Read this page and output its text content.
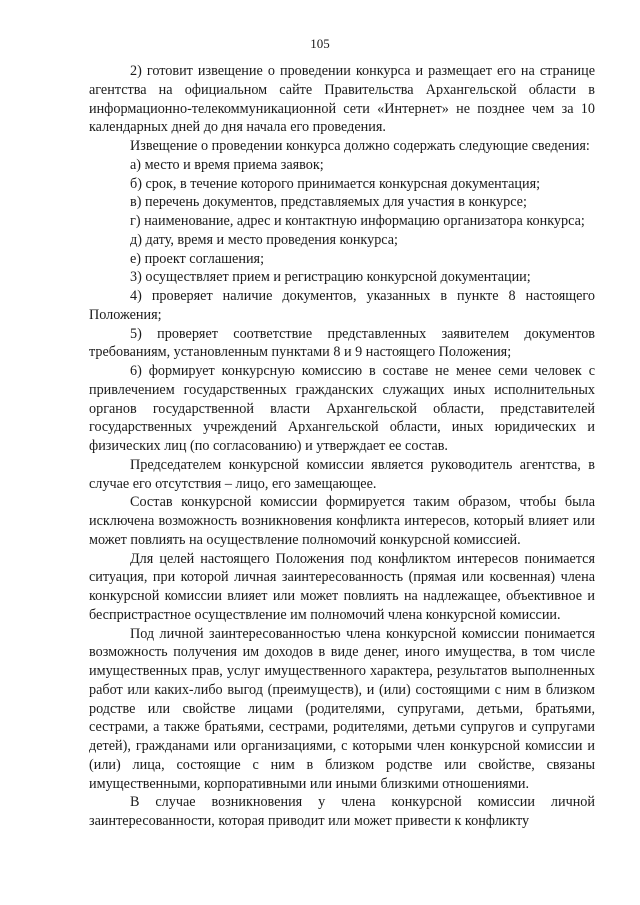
105

2) готовит извещение о проведении конкурса и размещает его на странице агентства на официальном сайте Правительства Архангельской области в информационно-телекоммуникационной сети «Интернет» не позднее чем за 10 календарных дней до дня начала его проведения.

Извещение о проведении конкурса должно содержать следующие сведения:

а) место и время приема заявок;

б) срок, в течение которого принимается конкурсная документация;

в) перечень документов, представляемых для участия в конкурсе;

г) наименование, адрес и контактную информацию организатора конкурса;

д) дату, время и место проведения конкурса;

е) проект соглашения;

3) осуществляет прием и регистрацию конкурсной документации;

4) проверяет наличие документов, указанных в пункте 8 настоящего Положения;

5) проверяет соответствие представленных заявителем документов требованиям, установленным пунктами 8 и 9 настоящего Положения;

6) формирует конкурсную комиссию в составе не менее семи человек с привлечением государственных гражданских служащих иных исполнительных органов государственной власти Архангельской области, представителей государственных учреждений Архангельской области, иных юридических и физических лиц (по согласованию) и утверждает ее состав.

Председателем конкурсной комиссии является руководитель агентства, в случае его отсутствия – лицо, его замещающее.

Состав конкурсной комиссии формируется таким образом, чтобы была исключена возможность возникновения конфликта интересов, который влияет или может повлиять на осуществление полномочий конкурсной комиссией.

Для целей настоящего Положения под конфликтом интересов понимается ситуация, при которой личная заинтересованность (прямая или косвенная) члена конкурсной комиссии влияет или может повлиять на надлежащее, объективное и беспристрастное осуществление им полномочий члена конкурсной комиссии.

Под личной заинтересованностью члена конкурсной комиссии понимается возможность получения им доходов в виде денег, иного имущества, в том числе имущественных прав, услуг имущественного характера, результатов выполненных работ или каких-либо выгод (преимуществ), и (или) состоящими с ним в близком родстве или свойстве лицами (родителями, супругами, детьми, братьями, сестрами, а также братьями, сестрами, родителями, детьми супругов и супругами детей), гражданами или организациями, с которыми член конкурсной комиссии и (или) лица, состоящие с ним в близком родстве или свойстве, связаны имущественными, корпоративными или иными близкими отношениями.

В случае возникновения у члена конкурсной комиссии личной заинтересованности, которая приводит или может привести к конфликту
